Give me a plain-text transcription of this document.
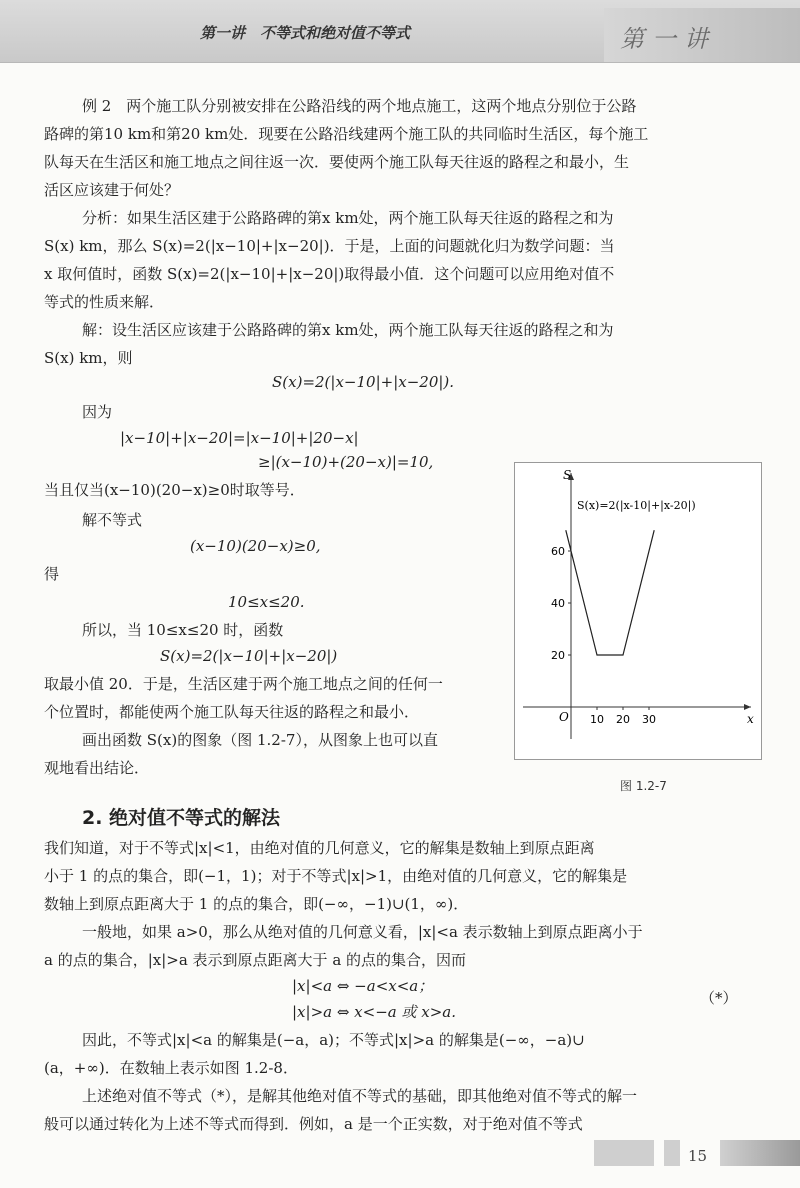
第一讲　不等式和绝对值不等式	第一讲
例 2　两个施工队分别被安排在公路沿线的两个地点施工，这两个地点分别位于公路
路碑的第10 km和第20 km处．现要在公路沿线建两个施工队的共同临时生活区，每个施工
队每天在生活区和施工地点之间往返一次．要使两个施工队每天往返的路程之和最小，生
活区应该建于何处？
分析：如果生活区建于公路路碑的第x km处，两个施工队每天往返的路程之和为
S(x) km，那么 S(x)=2(|x−10|+|x−20|)．于是，上面的问题就化归为数学问题：当
x 取何值时，函数 S(x)=2(|x−10|+|x−20|)取得最小值．这个问题可以应用绝对值不
等式的性质来解．
解：设生活区应该建于公路路碑的第x km处，两个施工队每天往返的路程之和为
S(x) km，则
S(x)=2(|x−10|+|x−20|).
因为
|x−10|+|x−20|=|x−10|+|20−x|
≥|(x−10)+(20−x)|=10,
当且仅当(x−10)(20−x)≥0时取等号．
解不等式
(x−10)(20−x)≥0,
得
10≤x≤20.
所以，当 10≤x≤20 时，函数
S(x)=2(|x−10|+|x−20|)
取最小值 20．于是，生活区建于两个施工地点之间的任何一
个位置时，都能使两个施工队每天往返的路程之和最小．
画出函数 S(x)的图象（图 1.2-7），从图象上也可以直
观地看出结论．
S
x
O
20
40
60
10 20 30
S(x)=2(|x-10|+|x-20|)
图 1.2-7
2. 绝对值不等式的解法
我们知道，对于不等式|x|<1，由绝对值的几何意义，它的解集是数轴上到原点距离
小于 1 的点的集合，即(−1，1)；对于不等式|x|>1，由绝对值的几何意义，它的解集是
数轴上到原点距离大于 1 的点的集合，即(−∞，−1)∪(1，∞)．
一般地，如果 a>0，那么从绝对值的几何意义看，|x|<a 表示数轴上到原点距离小于
a 的点的集合，|x|>a 表示到原点距离大于 a 的点的集合，因而
|x|<a ⇔ −a<x<a；
|x|>a ⇔ x<−a 或 x>a.
（*）
因此，不等式|x|<a 的解集是(−a，a)；不等式|x|>a 的解集是(−∞，−a)∪
(a，+∞)．在数轴上表示如图 1.2-8．
上述绝对值不等式（*），是解其他绝对值不等式的基础，即其他绝对值不等式的解一
般可以通过转化为上述不等式而得到．例如，a 是一个正实数，对于绝对值不等式
15
